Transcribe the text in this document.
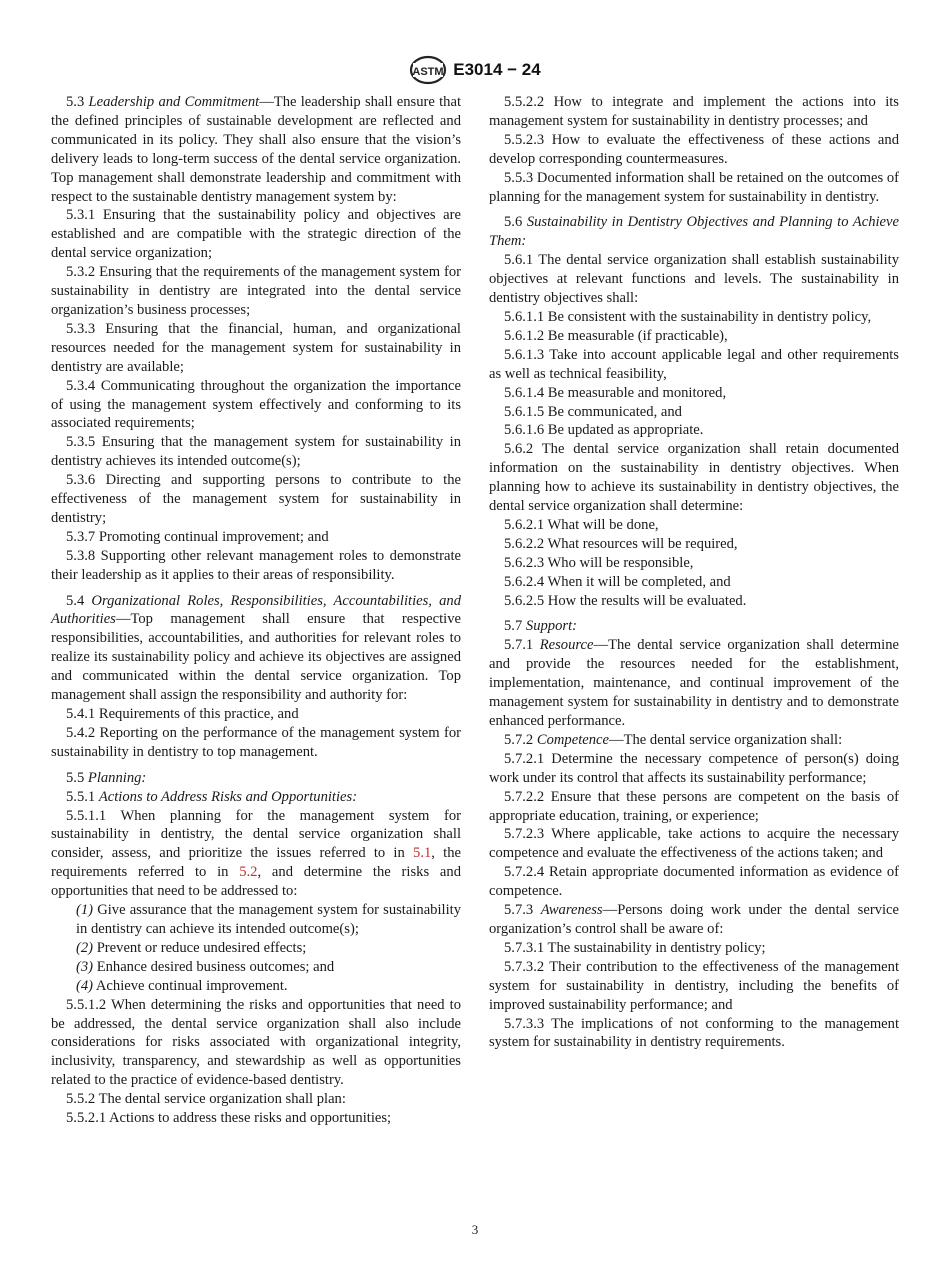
ASTM E3014 − 24

5.3 Leadership and Commitment—The leadership shall ensure that the defined principles of sustainable development are reflected and communicated in its policy. They shall also ensure that the vision’s delivery leads to long-term success of the dental service organization. Top management shall demonstrate leadership and commitment with respect to the sustainable dentistry management system by:

5.3.1 Ensuring that the sustainability policy and objectives are established and are compatible with the strategic direction of the dental service organization;

5.3.2 Ensuring that the requirements of the management system for sustainability in dentistry are integrated into the dental service organization’s business processes;

5.3.3 Ensuring that the financial, human, and organizational resources needed for the management system for sustainability in dentistry are available;

5.3.4 Communicating throughout the organization the importance of using the management system effectively and conforming to its associated requirements;

5.3.5 Ensuring that the management system for sustainability in dentistry achieves its intended outcome(s);

5.3.6 Directing and supporting persons to contribute to the effectiveness of the management system for sustainability in dentistry;

5.3.7 Promoting continual improvement; and

5.3.8 Supporting other relevant management roles to demonstrate their leadership as it applies to their areas of responsibility.

5.4 Organizational Roles, Responsibilities, Accountabilities, and Authorities—Top management shall ensure that respective responsibilities, accountabilities, and authorities for relevant roles to realize its sustainability policy and achieve its objectives are assigned and communicated within the dental service organization. Top management shall assign the responsibility and authority for:

5.4.1 Requirements of this practice, and

5.4.2 Reporting on the performance of the management system for sustainability in dentistry to top management.

5.5 Planning:

5.5.1 Actions to Address Risks and Opportunities:

5.5.1.1 When planning for the management system for sustainability in dentistry, the dental service organization shall consider, assess, and prioritize the issues referred to in 5.1, the requirements referred to in 5.2, and determine the risks and opportunities that need to be addressed to:

(1) Give assurance that the management system for sustainability in dentistry can achieve its intended outcome(s);

(2) Prevent or reduce undesired effects;

(3) Enhance desired business outcomes; and

(4) Achieve continual improvement.

5.5.1.2 When determining the risks and opportunities that need to be addressed, the dental service organization shall also include considerations for risks associated with organizational integrity, inclusivity, transparency, and stewardship as well as opportunities related to the practice of evidence-based dentistry.

5.5.2 The dental service organization shall plan:

5.5.2.1 Actions to address these risks and opportunities;

5.5.2.2 How to integrate and implement the actions into its management system for sustainability in dentistry processes; and

5.5.2.3 How to evaluate the effectiveness of these actions and develop corresponding countermeasures.

5.5.3 Documented information shall be retained on the outcomes of planning for the management system for sustainability in dentistry.

5.6 Sustainability in Dentistry Objectives and Planning to Achieve Them:

5.6.1 The dental service organization shall establish sustainability objectives at relevant functions and levels. The sustainability in dentistry objectives shall:

5.6.1.1 Be consistent with the sustainability in dentistry policy,

5.6.1.2 Be measurable (if practicable),

5.6.1.3 Take into account applicable legal and other requirements as well as technical feasibility,

5.6.1.4 Be measurable and monitored,

5.6.1.5 Be communicated, and

5.6.1.6 Be updated as appropriate.

5.6.2 The dental service organization shall retain documented information on the sustainability in dentistry objectives. When planning how to achieve its sustainability in dentistry objectives, the dental service organization shall determine:

5.6.2.1 What will be done,

5.6.2.2 What resources will be required,

5.6.2.3 Who will be responsible,

5.6.2.4 When it will be completed, and

5.6.2.5 How the results will be evaluated.

5.7 Support:

5.7.1 Resource—The dental service organization shall determine and provide the resources needed for the establishment, implementation, maintenance, and continual improvement of the management system for sustainability in dentistry and to demonstrate enhanced performance.

5.7.2 Competence—The dental service organization shall:

5.7.2.1 Determine the necessary competence of person(s) doing work under its control that affects its sustainability performance;

5.7.2.2 Ensure that these persons are competent on the basis of appropriate education, training, or experience;

5.7.2.3 Where applicable, take actions to acquire the necessary competence and evaluate the effectiveness of the actions taken; and

5.7.2.4 Retain appropriate documented information as evidence of competence.

5.7.3 Awareness—Persons doing work under the dental service organization’s control shall be aware of:

5.7.3.1 The sustainability in dentistry policy;

5.7.3.2 Their contribution to the effectiveness of the management system for sustainability in dentistry, including the benefits of improved sustainability performance; and

5.7.3.3 The implications of not conforming to the management system for sustainability in dentistry requirements.

3
